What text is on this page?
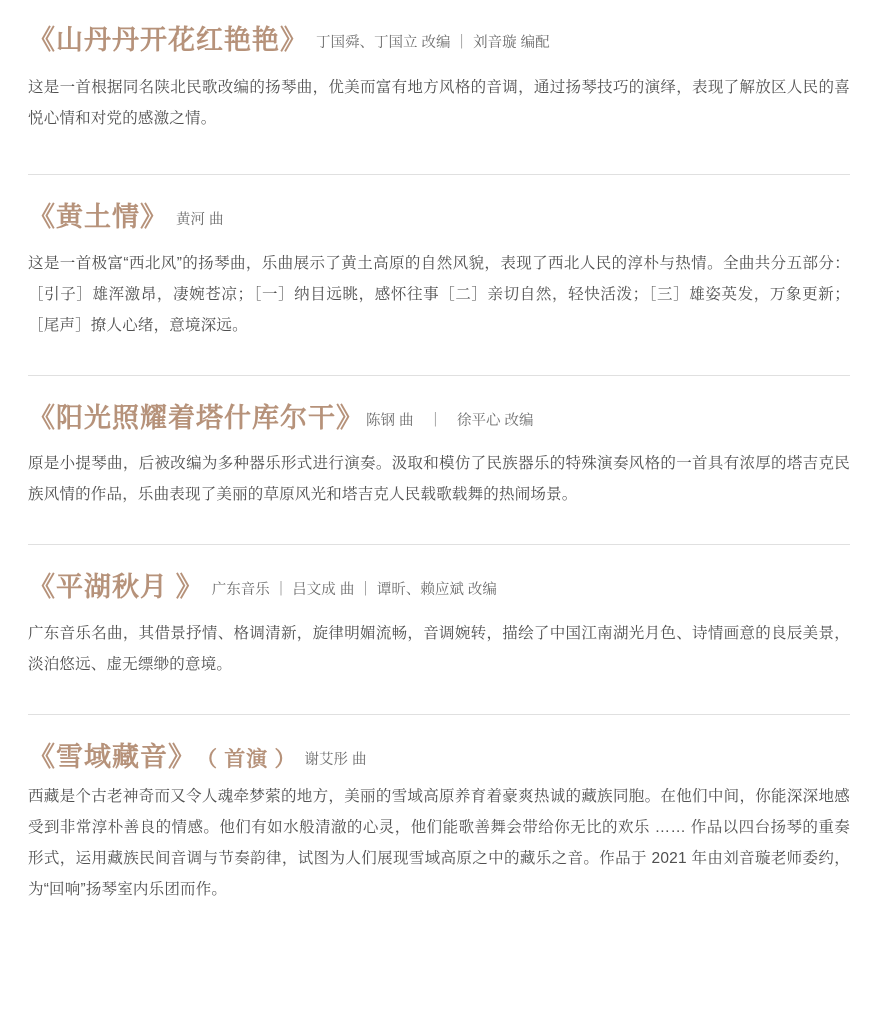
《山丹丹开花红艳艳》 丁国舜、丁国立 改编 ｜ 刘音璇 编配
这是一首根据同名陕北民歌改编的扬琴曲，优美而富有地方风格的音调，通过扬琴技巧的演绎，表现了解放区人民的喜悦心情和对党的感激之情。
《黄土情》 黄河 曲
这是一首极富“西北风”的扬琴曲，乐曲展示了黄土高原的自然风貌，表现了西北人民的淳朴与热情。全曲共分五部分：［引子］雄浑激昂，凄婉苍凉；［一］纳目远眺，感怀往事［二］亲切自然，轻快活泼；［三］雄姿英发，万象更新；［尾声］撩人心绪，意境深远。
《阳光照耀着塔什库尔干》 陈钢 曲　｜　徐平心 改编
原是小提琴曲，后被改编为多种器乐形式进行演奏。汲取和模仿了民族器乐的特殊演奏风格的一首具有浓厚的塔吉克民族风情的作品，乐曲表现了美丽的草原风光和塔吉克人民载歌载舞的热闹场景。
《平湖秋月 》 广东音乐 ｜ 吕文成 曲 ｜ 谭昕、赖应斌 改编
广东音乐名曲，其借景抒情、格调清新，旋律明媚流畅，音调婉转，描绘了中国江南湖光月色、诗情画意的良辰美景，淡泊悠远、虚无缥缈的意境。
《雪域藏音》 （ 首演 ） 谢艾彤 曲
西藏是个古老神奇而又令人魂牵梦萦的地方，美丽的雪域高原养育着豪爽热诚的藏族同胞。在他们中间，你能深深地感受到非常淳朴善良的情感。他们有如水般清澈的心灵，他们能歌善舞会带给你无比的欢乐 …… 作品以四台扬琴的重奏形式，运用藏族民间音调与节奏韵律，试图为人们展现雪域高原之中的藏乐之音。作品于 2021 年由刘音璇老师委约，为“回响”扬琴室内乐团而作。
